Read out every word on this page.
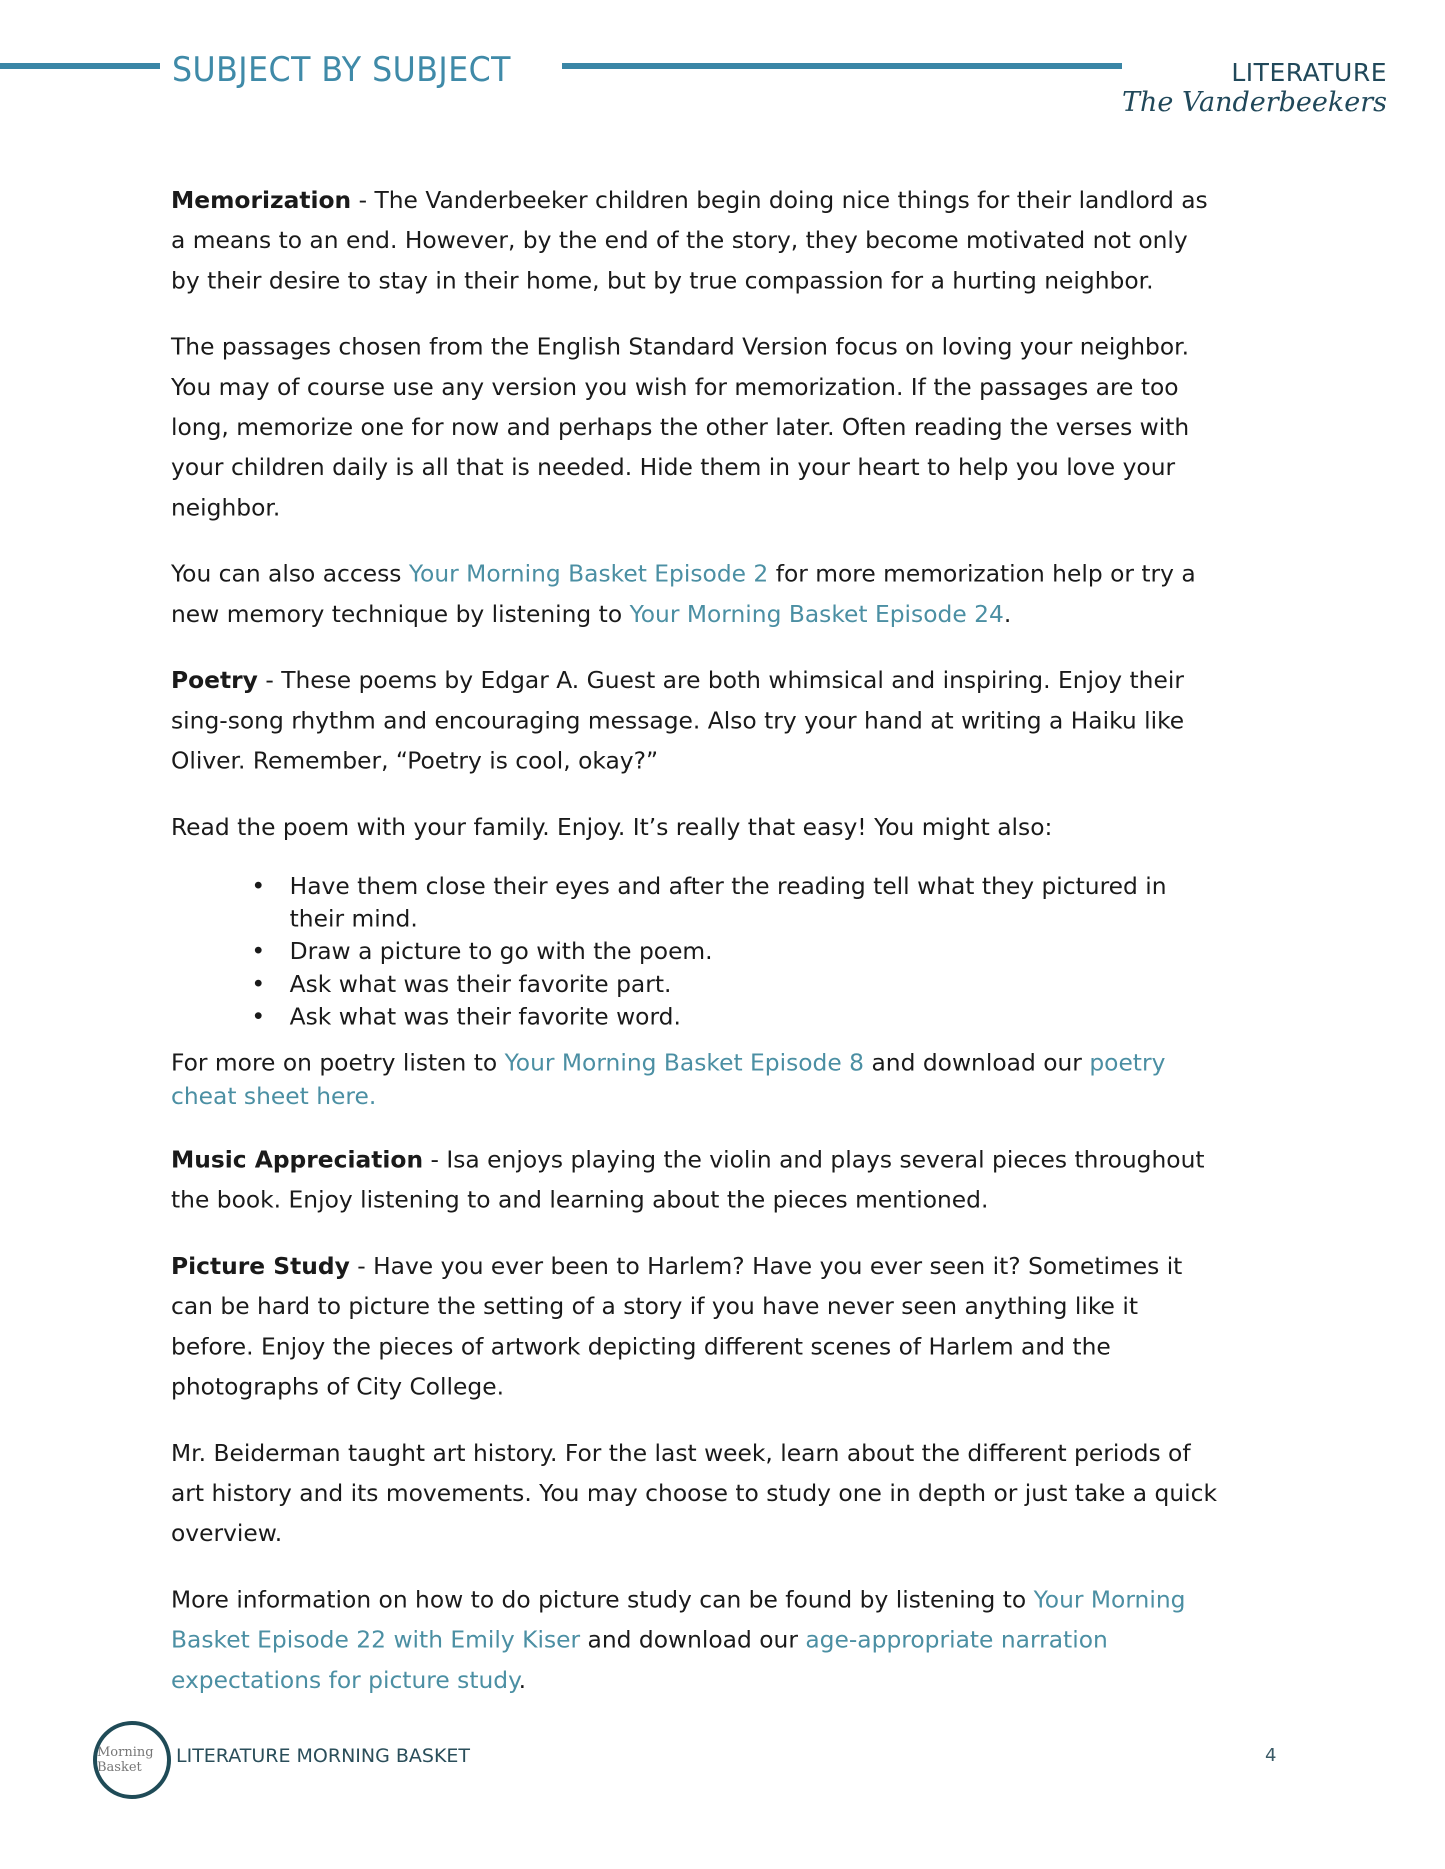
SUBJECT BY SUBJECT	LITERATURE
The Vanderbeekers

Memorization - The Vanderbeeker children begin doing nice things for their landlord as a means to an end. However, by the end of the story, they become motivated not only by their desire to stay in their home, but by true compassion for a hurting neighbor.

The passages chosen from the English Standard Version focus on loving your neighbor. You may of course use any version you wish for memorization. If the passages are too long, memorize one for now and perhaps the other later. Often reading the verses with your children daily is all that is needed. Hide them in your heart to help you love your neighbor.

You can also access Your Morning Basket Episode 2 for more memorization help or try a new memory technique by listening to Your Morning Basket Episode 24.

Poetry - These poems by Edgar A. Guest are both whimsical and inspiring. Enjoy their sing-song rhythm and encouraging message. Also try your hand at writing a Haiku like Oliver. Remember, “Poetry is cool, okay?”

Read the poem with your family. Enjoy. It’s really that easy! You might also:

• Have them close their eyes and after the reading tell what they pictured in their mind.
• Draw a picture to go with the poem.
• Ask what was their favorite part.
• Ask what was their favorite word.

For more on poetry listen to Your Morning Basket Episode 8 and download our poetry cheat sheet here.

Music Appreciation - Isa enjoys playing the violin and plays several pieces throughout the book. Enjoy listening to and learning about the pieces mentioned.

Picture Study - Have you ever been to Harlem? Have you ever seen it? Sometimes it can be hard to picture the setting of a story if you have never seen anything like it before. Enjoy the pieces of artwork depicting different scenes of Harlem and the photographs of City College.

Mr. Beiderman taught art history. For the last week, learn about the different periods of art history and its movements. You may choose to study one in depth or just take a quick overview.

More information on how to do picture study can be found by listening to Your Morning Basket Episode 22 with Emily Kiser and download our age-appropriate narration expectations for picture study.

Morning Basket
LITERATURE MORNING BASKET	4
